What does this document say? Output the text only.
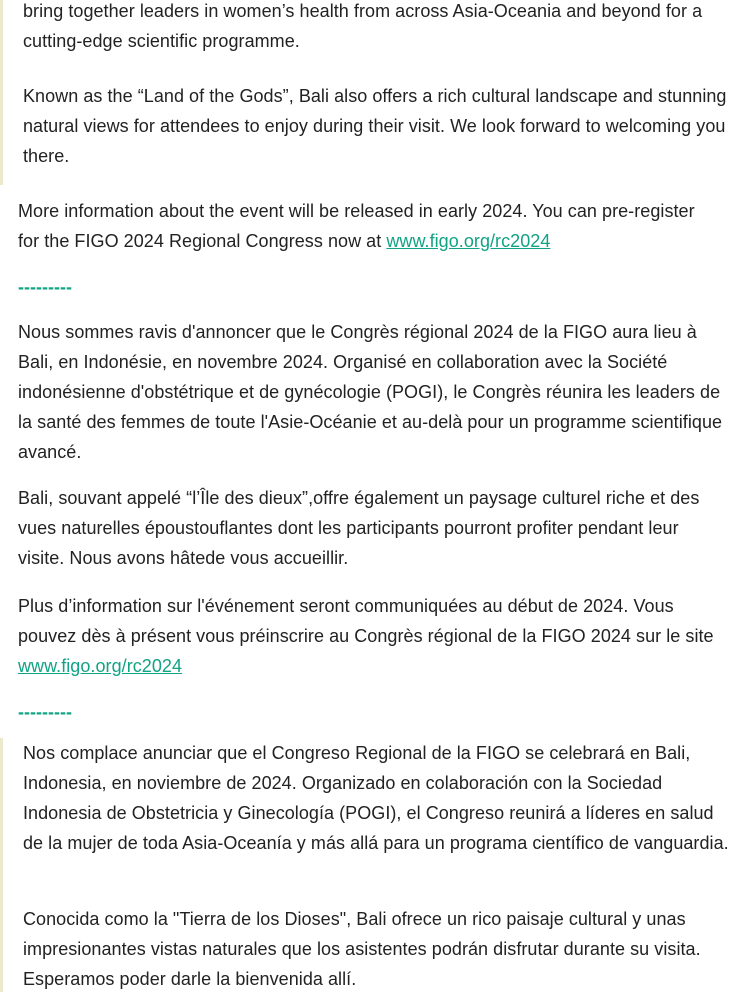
bring together leaders in women’s health from across Asia-Oceania and beyond for a cutting-edge scientific programme.

Known as the “Land of the Gods”, Bali also offers a rich cultural landscape and stunning natural views for attendees to enjoy during their visit. We look forward to welcoming you there.

More information about the event will be released in early 2024. You can pre-register for the FIGO 2024 Regional Congress now at www.figo.org/rc2024

---------

Nous sommes ravis d'annoncer que le Congrès régional 2024 de la FIGO aura lieu à Bali, en Indonésie, en novembre 2024. Organisé en collaboration avec la Société indonésienne d'obstétrique et de gynécologie (POGI), le Congrès réunira les leaders de la santé des femmes de toute l'Asie-Océanie et au-delà pour un programme scientifique avancé.

Bali, souvant appelé “l’Île des dieux”,offre également un paysage culturel riche et des vues naturelles époustouflantes dont les participants pourront profiter pendant leur visite. Nous avons hâtede vous accueillir.

Plus d’information sur l'événement seront communiquées au début de 2024. Vous pouvez dès à présent vous préinscrire au Congrès régional de la FIGO 2024 sur le site www.figo.org/rc2024

---------

Nos complace anunciar que el Congreso Regional de la FIGO se celebrará en Bali, Indonesia, en noviembre de 2024. Organizado en colaboración con la Sociedad Indonesia de Obstetricia y Ginecología (POGI), el Congreso reunirá a líderes en salud de la mujer de toda Asia-Oceanía y más allá para un programa científico de vanguardia.

Conocida como la "Tierra de los Dioses", Bali ofrece un rico paisaje cultural y unas impresionantes vistas naturales que los asistentes podrán disfrutar durante su visita. Esperamos poder darle la bienvenida allí.
